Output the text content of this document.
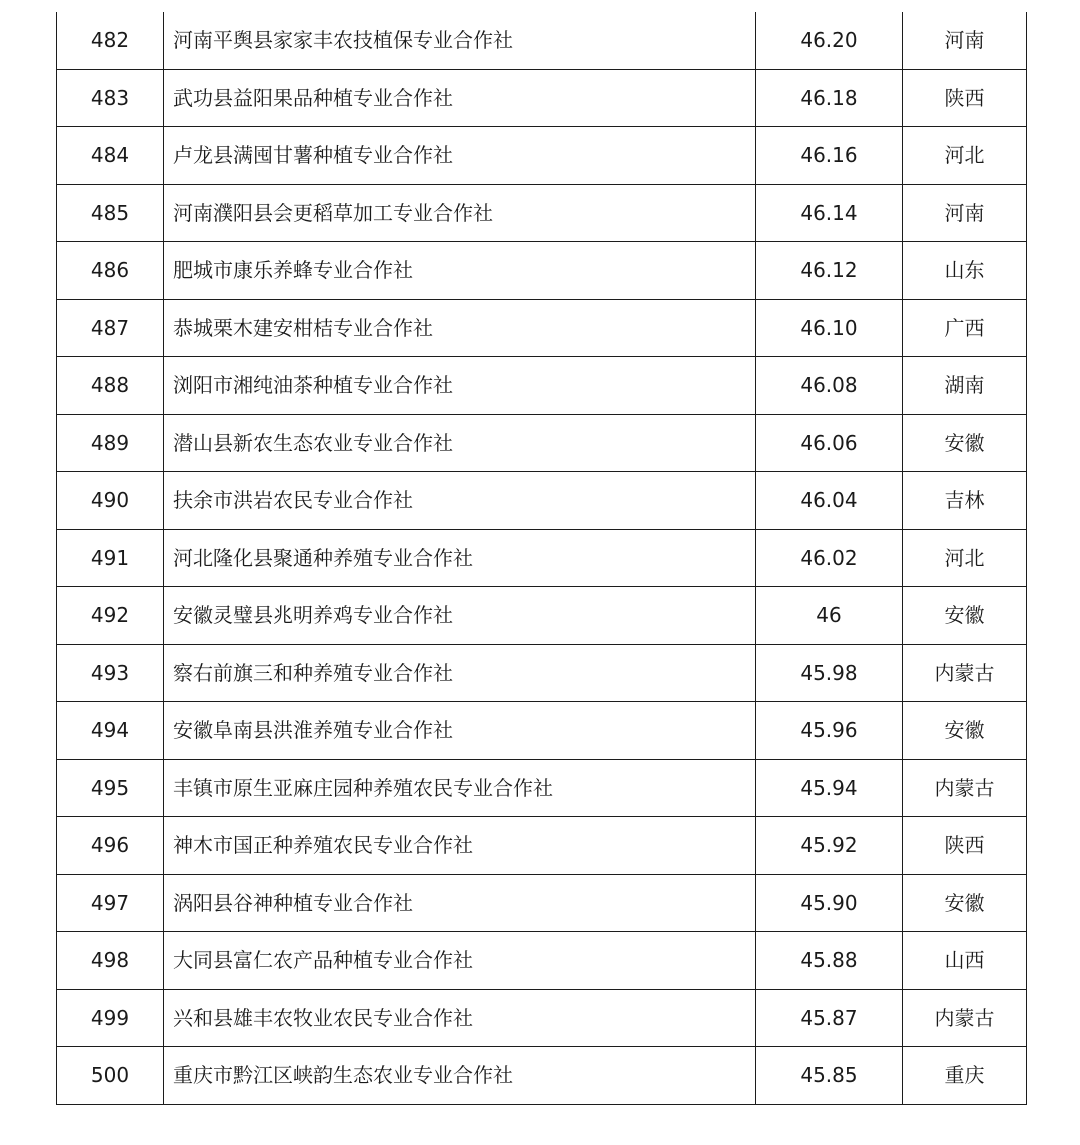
482	河南平舆县家家丰农技植保专业合作社	46.20	河南
483	武功县益阳果品种植专业合作社	46.18	陕西
484	卢龙县满囤甘薯种植专业合作社	46.16	河北
485	河南濮阳县会更稻草加工专业合作社	46.14	河南
486	肥城市康乐养蜂专业合作社	46.12	山东
487	恭城栗木建安柑桔专业合作社	46.10	广西
488	浏阳市湘纯油茶种植专业合作社	46.08	湖南
489	潜山县新农生态农业专业合作社	46.06	安徽
490	扶余市洪岩农民专业合作社	46.04	吉林
491	河北隆化县聚通种养殖专业合作社	46.02	河北
492	安徽灵璧县兆明养鸡专业合作社	46	安徽
493	察右前旗三和种养殖专业合作社	45.98	内蒙古
494	安徽阜南县洪淮养殖专业合作社	45.96	安徽
495	丰镇市原生亚麻庄园种养殖农民专业合作社	45.94	内蒙古
496	神木市国正种养殖农民专业合作社	45.92	陕西
497	涡阳县谷神种植专业合作社	45.90	安徽
498	大同县富仁农产品种植专业合作社	45.88	山西
499	兴和县雄丰农牧业农民专业合作社	45.87	内蒙古
500	重庆市黔江区峡韵生态农业专业合作社	45.85	重庆
